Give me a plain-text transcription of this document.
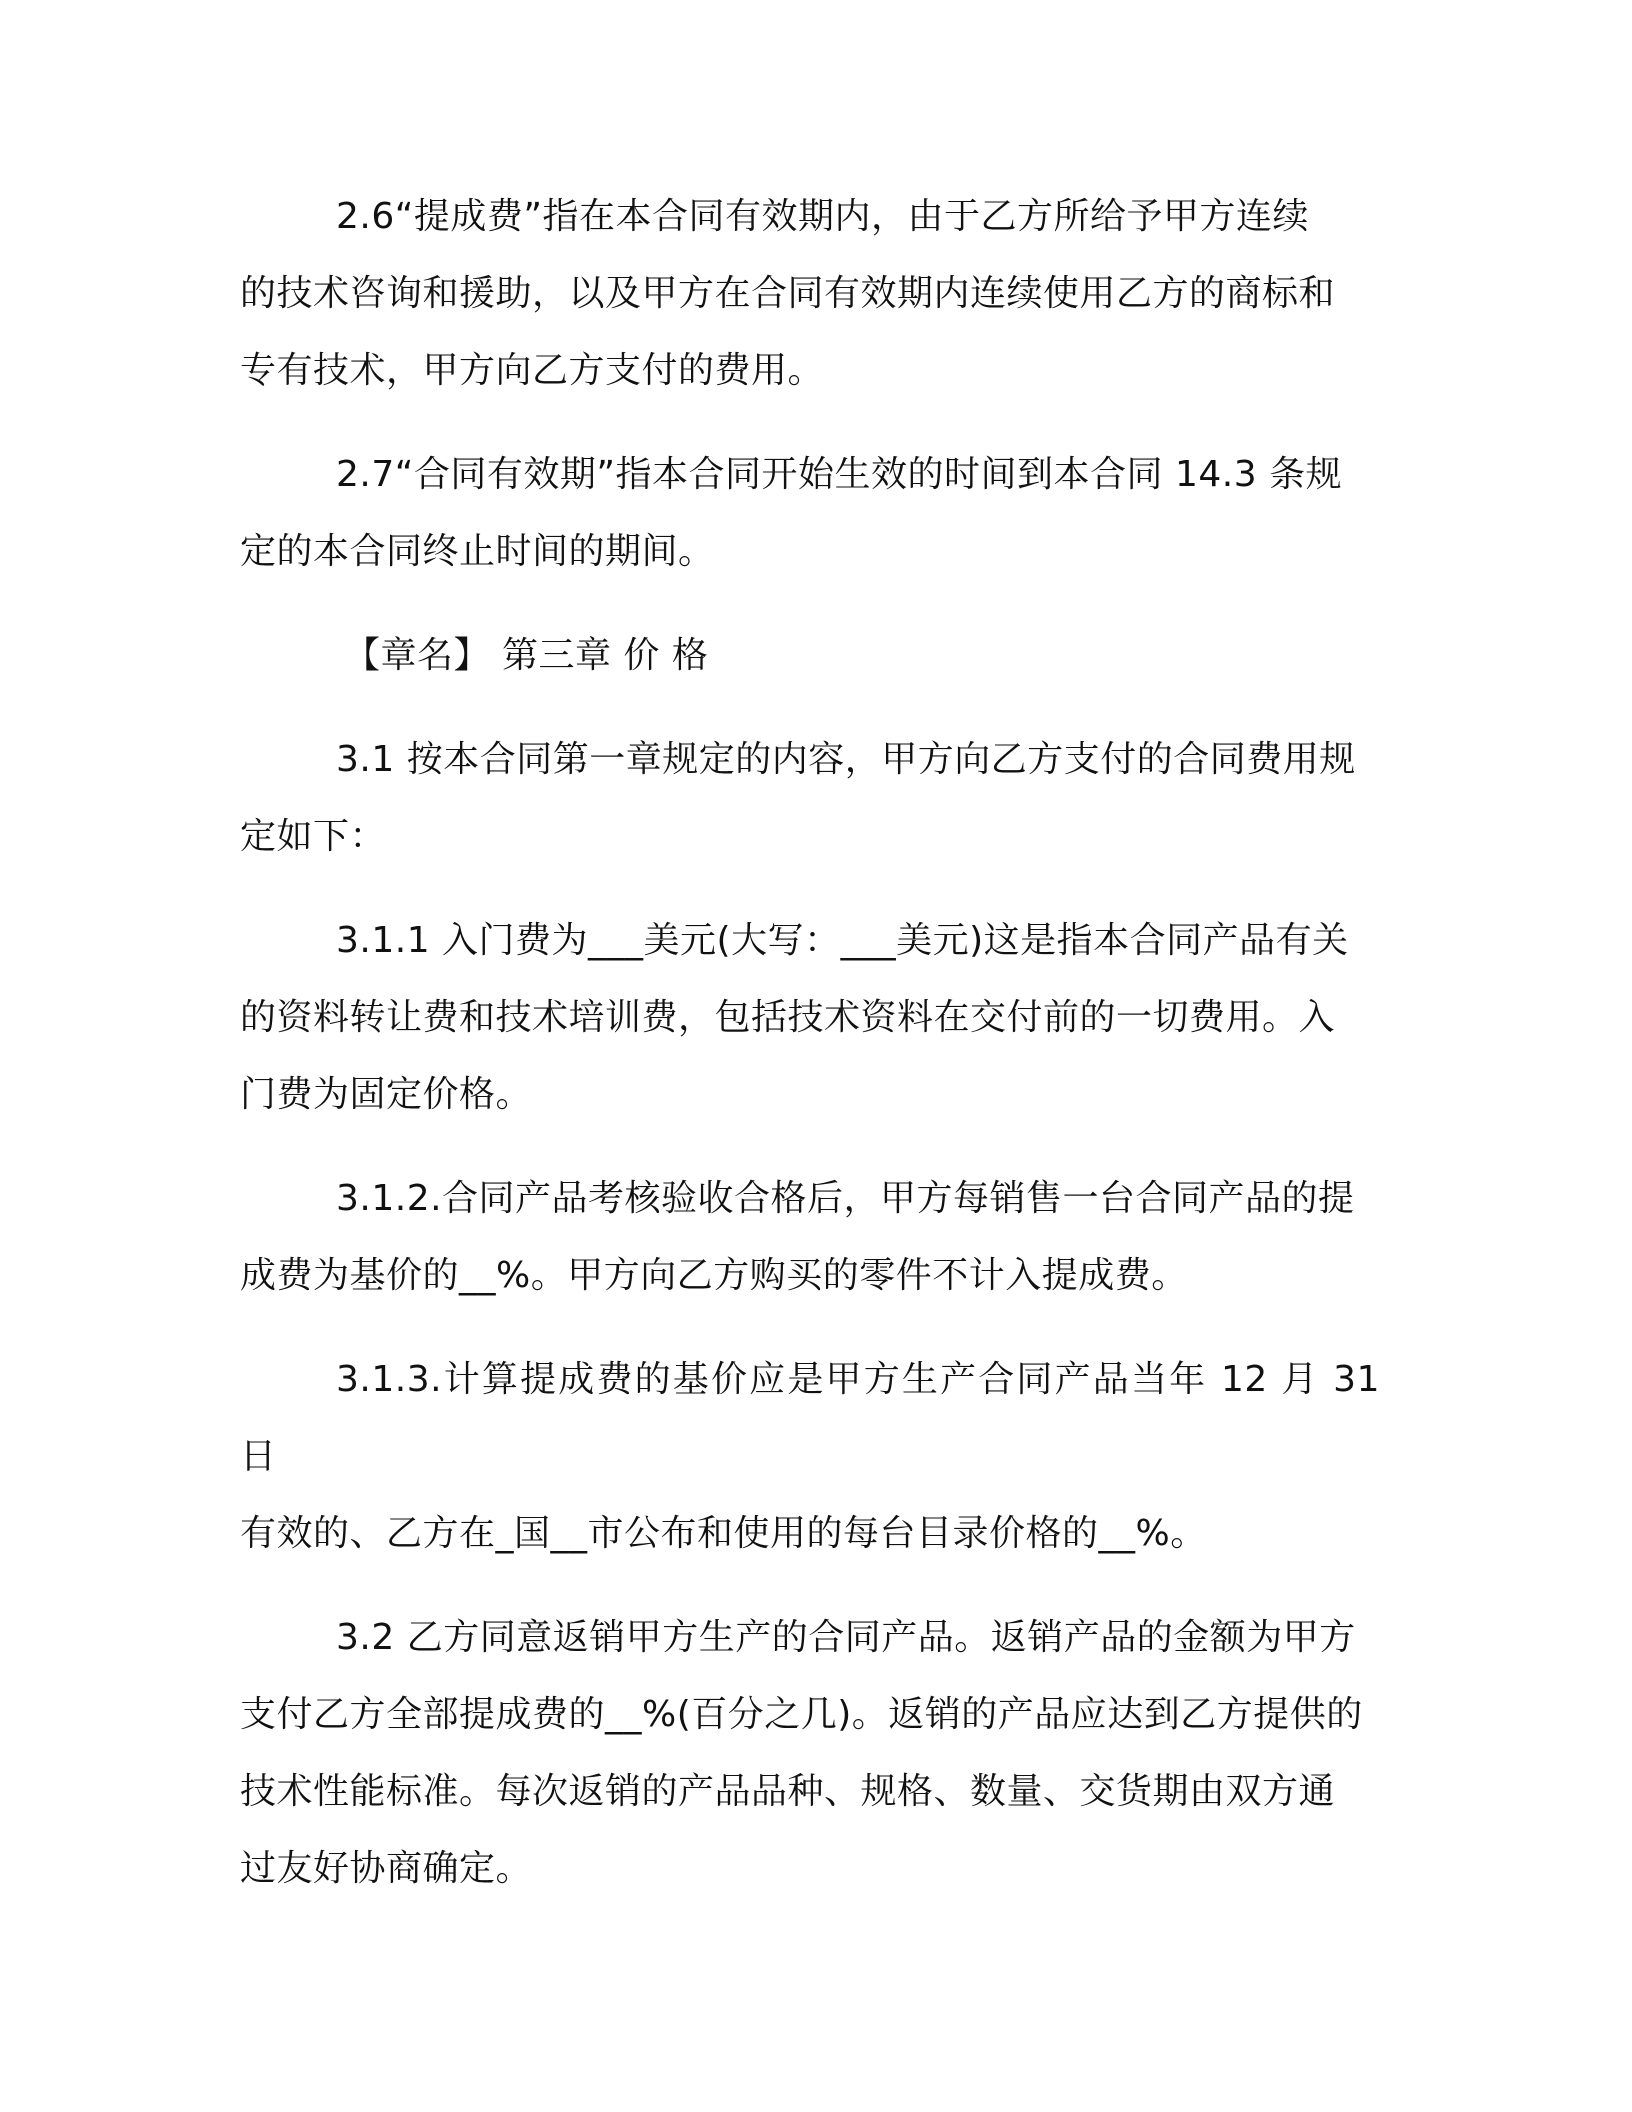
2.6“提成费”指在本合同有效期内，由于乙方所给予甲方连续
的技术咨询和援助，以及甲方在合同有效期内连续使用乙方的商标和
专有技术，甲方向乙方支付的费用。

2.7“合同有效期”指本合同开始生效的时间到本合同 14.3 条规
定的本合同终止时间的期间。

【章名】 第三章 价 格

3.1 按本合同第一章规定的内容，甲方向乙方支付的合同费用规
定如下：

3.1.1 入门费为___美元(大写：___美元)这是指本合同产品有关
的资料转让费和技术培训费，包括技术资料在交付前的一切费用。入
门费为固定价格。

3.1.2.合同产品考核验收合格后，甲方每销售一台合同产品的提
成费为基价的__%。甲方向乙方购买的零件不计入提成费。

3.1.3.计算提成费的基价应是甲方生产合同产品当年 12 月 31 日
有效的、乙方在_国__市公布和使用的每台目录价格的__%。

3.2 乙方同意返销甲方生产的合同产品。返销产品的金额为甲方
支付乙方全部提成费的__%(百分之几)。返销的产品应达到乙方提供的
技术性能标准。每次返销的产品品种、规格、数量、交货期由双方通
过友好协商确定。
